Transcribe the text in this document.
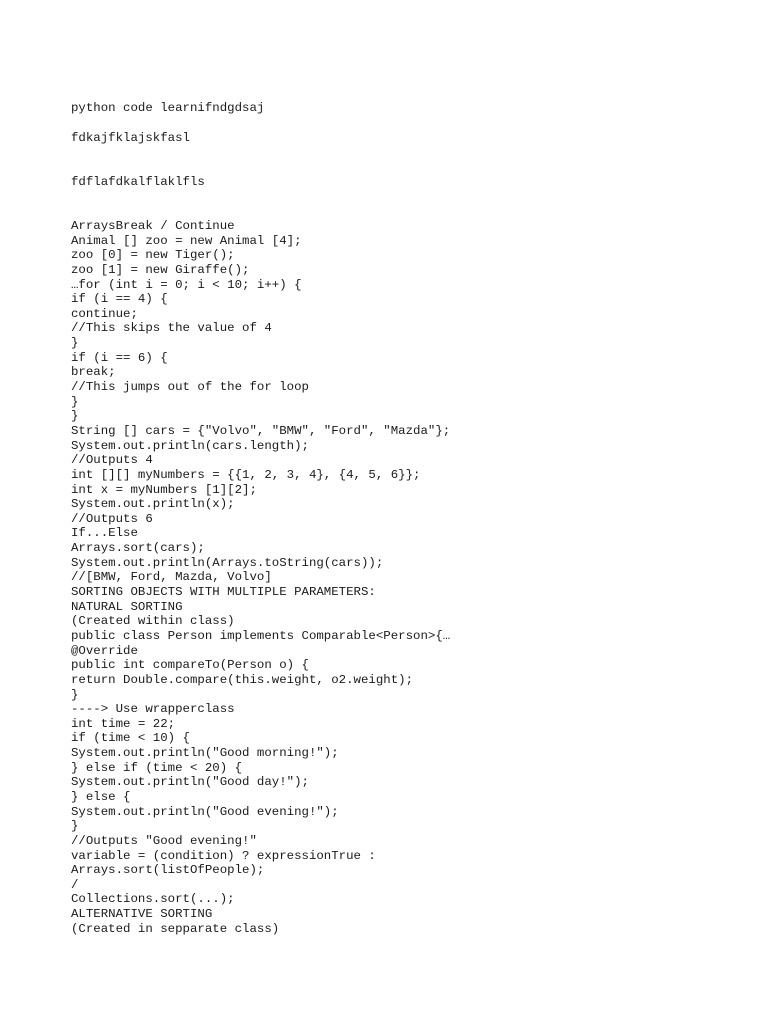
python code learnifndgdsaj
fdkajfklajskfasl
fdflafdkalflaklfls
ArraysBreak / Continue
Animal [] zoo = new Animal [4];
zoo [0] = new Tiger();
zoo [1] = new Giraffe();
…for (int i = 0; i < 10; i++) {
if (i == 4) {
continue;
//This skips the value of 4
}
if (i == 6) {
break;
//This jumps out of the for loop
}
}
String [] cars = {"Volvo", "BMW", "Ford", "Mazda"};
System.out.println(cars.length);
//Outputs 4
int [][] myNumbers = {{1, 2, 3, 4}, {4, 5, 6}};
int x = myNumbers [1][2];
System.out.println(x);
//Outputs 6
If...Else
Arrays.sort(cars);
System.out.println(Arrays.toString(cars));
//[BMW, Ford, Mazda, Volvo]
SORTING OBJECTS WITH MULTIPLE PARAMETERS:
NATURAL SORTING
(Created within class)
public class Person implements Comparable<Person>{…
@Override
public int compareTo(Person o) {
return Double.compare(this.weight, o2.weight);
}
----> Use wrapperclass
int time = 22;
if (time < 10) {
System.out.println("Good morning!");
} else if (time < 20) {
System.out.println("Good day!");
} else {
System.out.println("Good evening!");
}
//Outputs "Good evening!"
variable = (condition) ? expressionTrue :
Arrays.sort(listOfPeople);
/
Collections.sort(...);
ALTERNATIVE SORTING
(Created in sepparate class)
